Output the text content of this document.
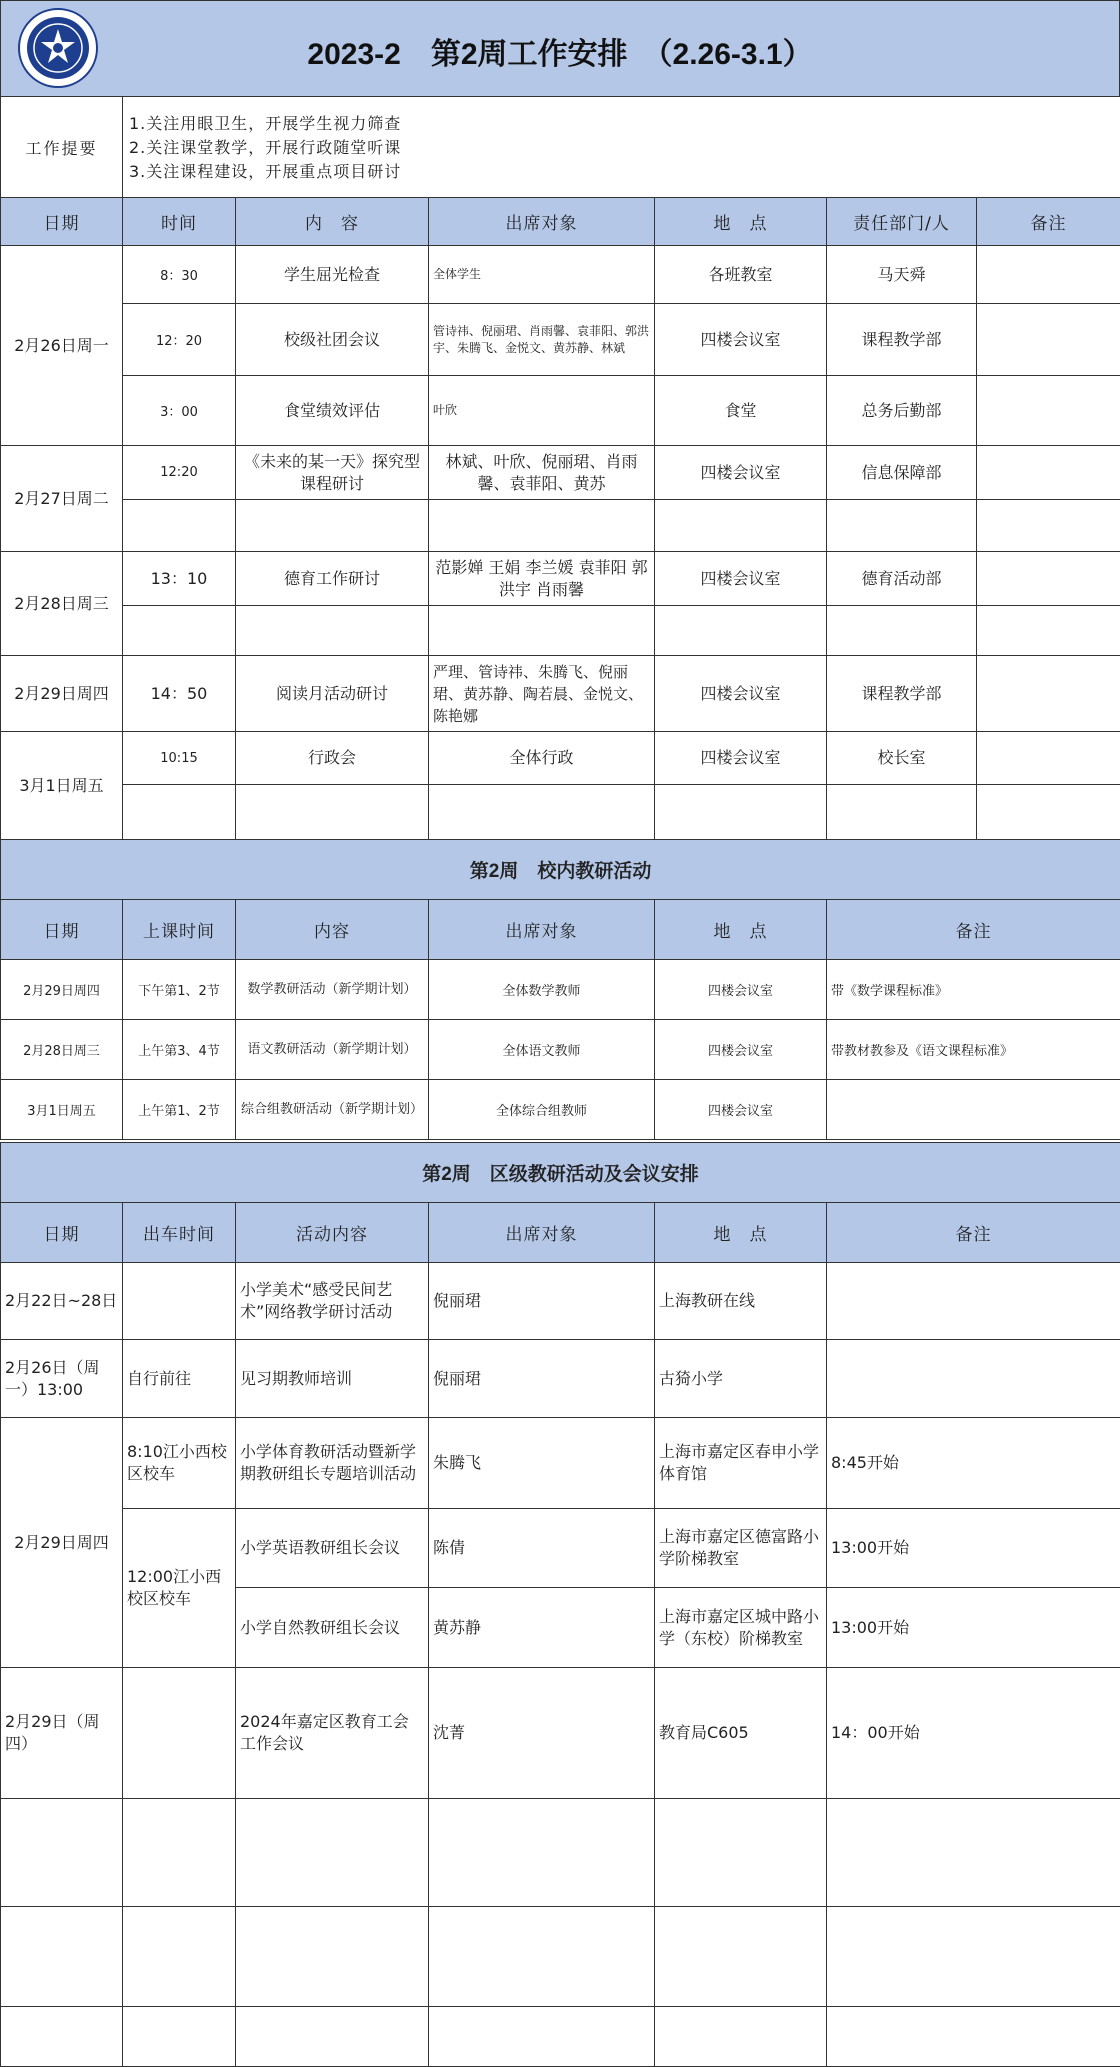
2023-2　第2周工作安排　（2.26-3.1）
工作提要	
1.关注用眼卫生，开展学生视力筛查
2.关注课堂教学，开展行政随堂听课
3.关注课程建设，开展重点项目研讨
日期	时间	内　容	出席对象	地　点	责任部门/人	备注
2月26日周一	8：30	学生屈光检查	全体学生	各班教室	马天舜	
	12：20	校级社团会议	管诗祎、倪丽珺、肖雨馨、袁菲阳、郭洪宇、朱腾飞、金悦文、黄苏静、林斌	四楼会议室	课程教学部	
	3：00	食堂绩效评估	叶欣	食堂	总务后勤部	
2月27日周二	12:20	《未来的某一天》探究型课程研讨	林斌、叶欣、倪丽珺、肖雨馨、袁菲阳、黄苏	四楼会议室	信息保障部	

2月28日周三	13：10	德育工作研讨	范影婵 王娟 李兰媛 袁菲阳 郭洪宇 肖雨馨	四楼会议室	德育活动部	

2月29日周四	14：50	阅读月活动研讨	严理、管诗祎、朱腾飞、倪丽珺、黄苏静、陶若晨、金悦文、陈艳娜	四楼会议室	课程教学部	
3月1日周五	10:15	行政会	全体行政	四楼会议室	校长室	

第2周　校内教研活动					
日期	上课时间	内容	出席对象	地　点	备注
2月29日周四	下午第1、2节	数学教研活动（新学期计划）	全体数学教师	四楼会议室	带《数学课程标准》
2月28日周三	上午第3、4节	语文教研活动（新学期计划）	全体语文教师	四楼会议室	带教材教参及《语文课程标准》
3月1日周五	上午第1、2节	综合组教研活动（新学期计划）	全体综合组教师	四楼会议室	
第2周　区级教研活动及会议安排					
日期	出车时间	活动内容	出席对象	地　点	备注
2月22日~28日		小学美术“感受民间艺术”网络教学研讨活动	倪丽珺	上海教研在线	
2月26日（周一）13:00	自行前往	见习期教师培训	倪丽珺	古猗小学	
2月29日周四	8:10江小西校区校车	小学体育教研活动暨新学期教研组长专题培训活动	朱腾飞	上海市嘉定区春申小学体育馆	8:45开始
	12:00江小西校区校车	小学英语教研组长会议	陈倩	上海市嘉定区德富路小学阶梯教室	13:00开始
		小学自然教研组长会议	黄苏静	上海市嘉定区城中路小学（东校）阶梯教室	13:00开始
2月29日（周四）		2024年嘉定区教育工会工作会议	沈菁	教育局C605	14：00开始
